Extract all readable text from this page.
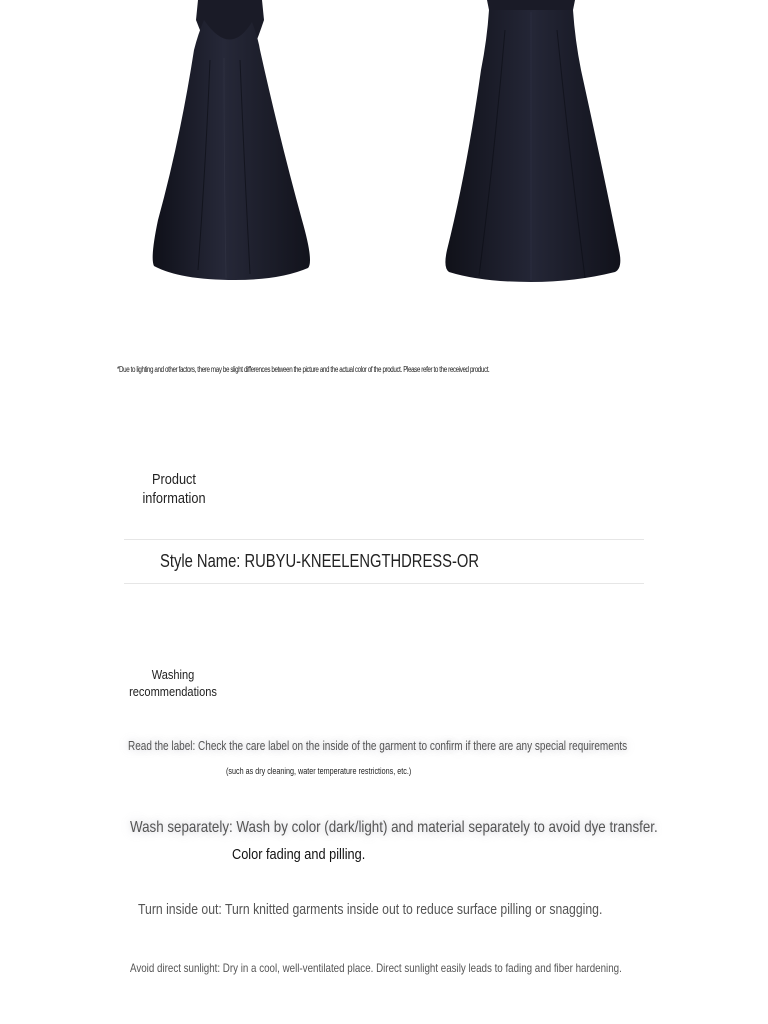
*Due to lighting and other factors, there may be slight differences between the picture and the actual color of the product. Please refer to the received product.
Product
information
Style Name: RUBYU-KNEELENGTHDRESS-OR
Washing
recommendations
Read the label: Check the care label on the inside of the garment to confirm if there are any special requirements
(such as dry cleaning, water temperature restrictions, etc.)
Wash separately: Wash by color (dark/light) and material separately to avoid dye transfer.
Color fading and pilling.
Turn inside out: Turn knitted garments inside out to reduce surface pilling or snagging.
Avoid direct sunlight: Dry in a cool, well-ventilated place. Direct sunlight easily leads to fading and fiber hardening.
